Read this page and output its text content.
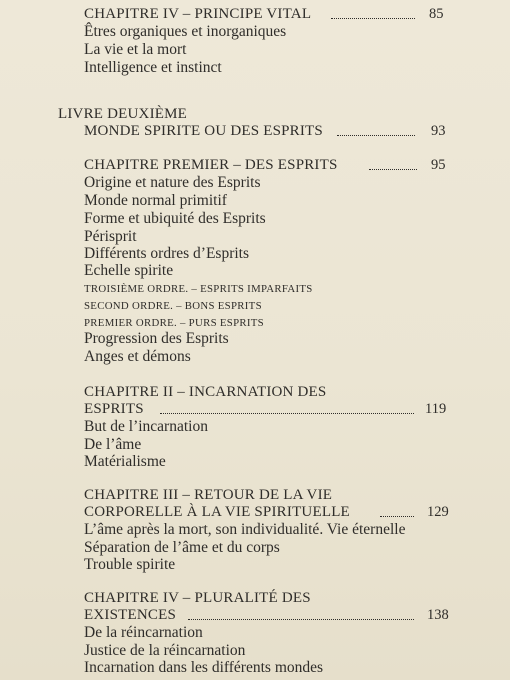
CHAPITRE IV – PRINCIPE VITAL	85
Êtres organiques et inorganiques
La vie et la mort
Intelligence et instinct
LIVRE DEUXIÈME
MONDE SPIRITE OU DES ESPRITS	93
CHAPITRE PREMIER – DES ESPRITS	95
Origine et nature des Esprits
Monde normal primitif
Forme et ubiquité des Esprits
Périsprit
Différents ordres d’Esprits
Echelle spirite
TROISIÈME ORDRE. – ESPRITS IMPARFAITS
SECOND ORDRE. – BONS ESPRITS
PREMIER ORDRE. – PURS ESPRITS
Progression des Esprits
Anges et démons
CHAPITRE II – INCARNATION DES
ESPRITS	119
But de l’incarnation
De l’âme
Matérialisme
CHAPITRE III – RETOUR DE LA VIE
CORPORELLE À LA VIE SPIRITUELLE	129
L’âme après la mort, son individualité. Vie éternelle
Séparation de l’âme et du corps
Trouble spirite
CHAPITRE IV – PLURALITÉ DES
EXISTENCES	138
De la réincarnation
Justice de la réincarnation
Incarnation dans les différents mondes
